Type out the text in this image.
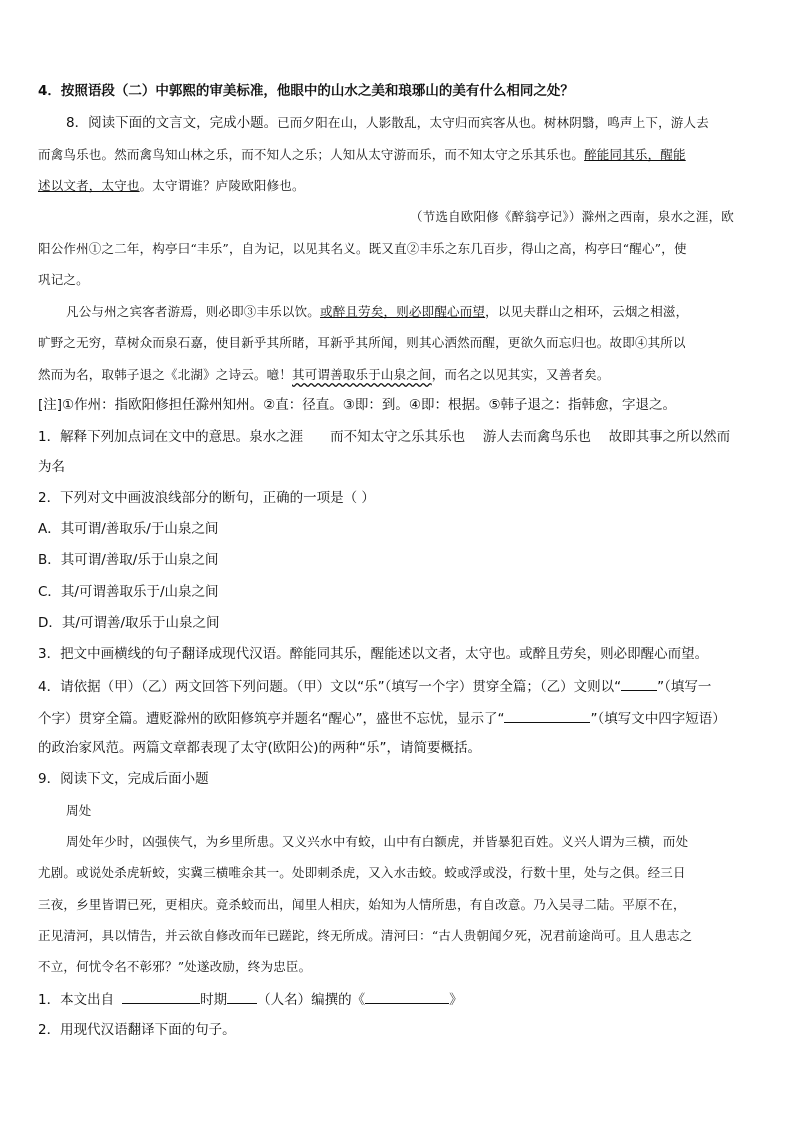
4．按照语段（二）中郭熙的审美标准，他眼中的山水之美和琅琊山的美有什么相同之处？
8．阅读下面的文言文，完成小题。已而夕阳在山，人影散乱，太守归而宾客从也。树林阴翳，鸣声上下，游人去
而禽鸟乐也。然而禽鸟知山林之乐，而不知人之乐；人知从太守游而乐，而不知太守之乐其乐也。醉能同其乐，醒能
述以文者，太守也。太守谓谁？庐陵欧阳修也。
（节选自欧阳修《醉翁亭记》）滁州之西南，泉水之涯，欧
阳公作州①之二年，构亭曰“丰乐”，自为记，以见其名义。既又直②丰乐之东几百步，得山之高，构亭曰“醒心”，使
巩记之。
凡公与州之宾客者游焉，则必即③丰乐以饮。或醉且劳矣，则必即醒心而望，以见夫群山之相环，云烟之相滋，
旷野之无穷，草树众而泉石嘉，使目新乎其所睹，耳新乎其所闻，则其心洒然而醒，更欲久而忘归也。故即④其所以
然而为名，取韩子退之《北湖》之诗云。噫！其可谓善取乐于山泉之间，而名之以见其实，又善者矣。
[注]①作州：指欧阳修担任滁州知州。②直：径直。③即：到。④即：根据。⑤韩子退之：指韩愈，字退之。
1．解释下列加点词在文中的意思。泉水之涯　　而不知太守之乐其乐也　 游人去而禽鸟乐也　 故即其事之所以然而
为名
2．下列对文中画波浪线部分的断句，正确的一项是（ ）
A．其可谓/善取乐/于山泉之间
B．其可谓/善取/乐于山泉之间
C．其/可谓善取乐于/山泉之间
D．其/可谓善/取乐于山泉之间
3．把文中画横线的句子翻译成现代汉语。醉能同其乐，醒能述以文者，太守也。或醉且劳矣，则必即醒心而望。
4．请依据（甲）（乙）两文回答下列问题。（甲）文以“乐”（填写一个字）贯穿全篇；（乙）文则以“	”（填写一
个字）贯穿全篇。遭贬滁州的欧阳修筑亭并题名“醒心”，盛世不忘忧，显示了“	”（填写文中四字短语）
的政治家风范。两篇文章都表现了太守(欧阳公)的两种“乐”，请简要概括。
9．阅读下文，完成后面小题
周处
周处年少时，凶强侠气，为乡里所患。又义兴水中有蛟，山中有白额虎，并皆暴犯百姓。义兴人谓为三横，而处
尤剧。或说处杀虎斩蛟，实冀三横唯余其一。处即刺杀虎，又入水击蛟。蛟或浮或没，行数十里，处与之俱。经三日
三夜，乡里皆谓已死，更相庆。竟杀蛟而出，闻里人相庆，始知为人情所患，有自改意。乃入吴寻二陆。平原不在，
正见清河，具以情告，并云欲自修改而年已蹉跎，终无所成。清河曰：“古人贵朝闻夕死，况君前途尚可。且人患志之
不立，何忧令名不彰邪？”处遂改励，终为忠臣。
1．本文出自	时期 （人名）编撰的《	》
2．用现代汉语翻译下面的句子。
